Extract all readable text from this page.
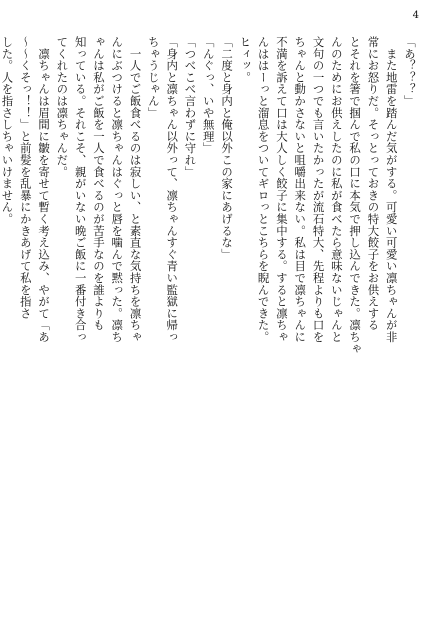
4
「あ？？？」
　また地雷を踏んだ気がする。可愛い可愛い凛ちゃんが非
常にお怒りだ。そっとっておきの特大餃子をお供えする
とそれを箸で掴んで私の口に本気で押し込んできた。凛ちゃ
んのためにお供えしたのに私が食べたら意味ないじゃんと
文句の一つでも言いたかったが流石特大、先程よりも口を
ちゃんと動かさないと咀嚼出来ない。私は目で凛ちゃんに
不満を訴えて口は大人しく餃子に集中する。すると凛ちゃ
んははーっと溜息をついてギロっとこちらを睨んできた。
ヒィッ。
「二度と身内と俺以外この家にあげるな」
「んぐっ、いや無理」
「つべこべ言わずに守れ」
「身内と凛ちゃん以外って、凛ちゃんすぐ青い監獄に帰っ
ちゃうじゃん」
　一人でご飯食べるのは寂しい、と素直な気持ちを凛ちゃ
んにぶつけると凛ちゃんはぐっと唇を噛んで黙った。凛ち
ゃんは私がご飯を一人で食べるのが苦手なのを誰よりも
知っている。それこそ、親がいない晩ご飯に一番付き合っ
てくれたのは凛ちゃんだ。
　凛ちゃんは眉間に皺を寄せて暫く考え込み、やがて「あ
〜〜くそっ！！」と前髪を乱暴にかきあげて私を指さ
した。人を指さしちゃいけません。
